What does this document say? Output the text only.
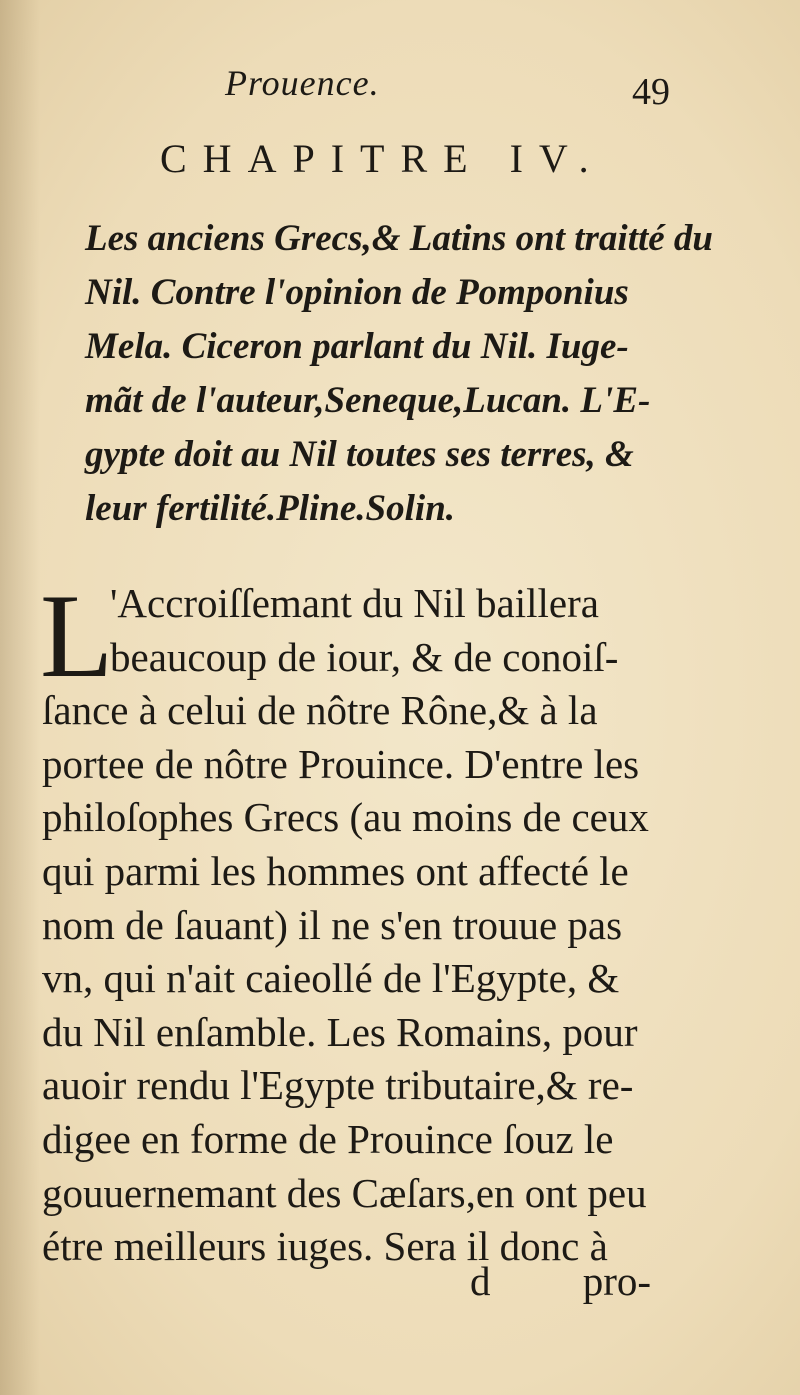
Prouence.	49
CHAPITRE IV.
Les anciens Grecs,& Latins ont traitté du
Nil. Contre l'opinion de Pomponius
Mela. Ciceron parlant du Nil. Iuge-
mãt de l'auteur,Seneque,Lucan. L'E-
gypte doit au Nil toutes ses terres, &
leur fertilité.Pline.Solin.
L
'Accroiſſemant du Nil baillera
beaucoup de iour, & de conoiſ-
ſance à celui de nôtre Rône,& à la
portee de nôtre Prouince. D'entre les
philoſophes Grecs (au moins de ceux
qui parmi les hommes ont affecté le
nom de ſauant) il ne s'en trouue pas
vn, qui n'ait caieollé de l'Egypte, &
du Nil enſamble. Les Romains, pour
auoir rendu l'Egypte tributaire,& re-
digee en forme de Prouince ſouz le
gouuernemant des Cæſars,en ont peu
étre meilleurs iuges. Sera il donc à
d pro-
